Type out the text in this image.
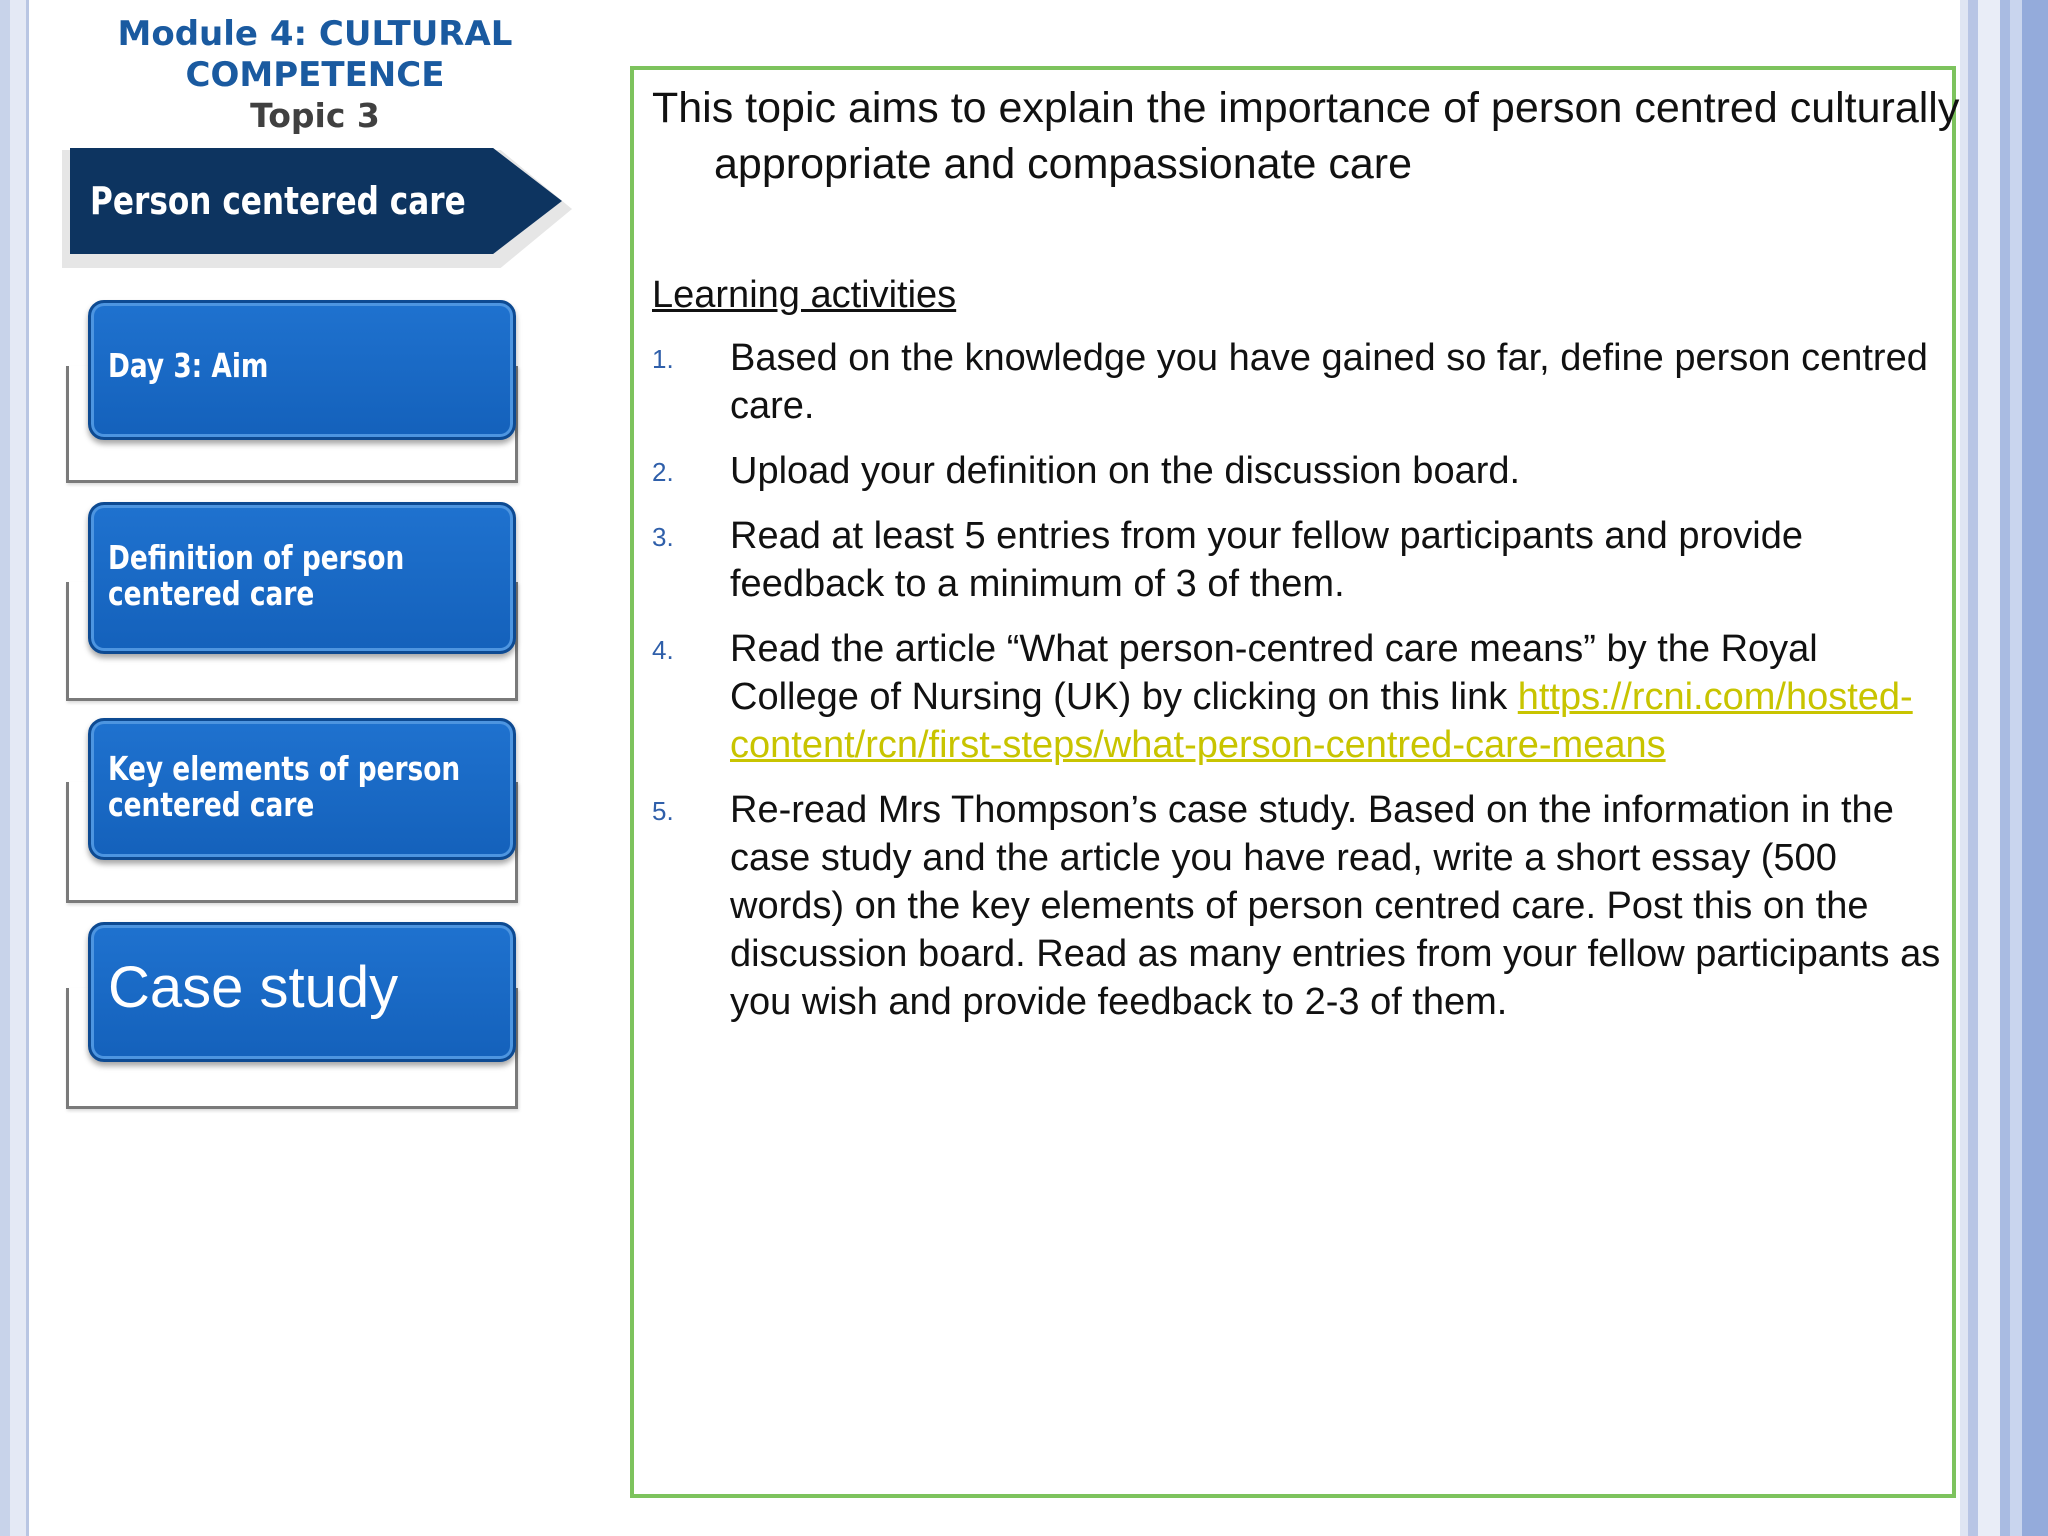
Module 4: CULTURAL COMPETENCE
Topic 3
Person centered care
Day 3: Aim
Definition of person
centered care
Key elements of person
centered care
Case study
This topic aims to explain the importance of person centred culturally appropriate and compassionate care
Learning activities
1. Based on the knowledge you have gained so far, define person centred care.
2. Upload your definition on the discussion board.
3. Read at least 5 entries from your fellow participants and provide feedback to a minimum of 3 of them.
4. Read the article “What person-centred care means” by the Royal College of Nursing (UK) by clicking on this link https://rcni.com/hosted-content/rcn/first-steps/what-person-centred-care-means
5. Re-read Mrs Thompson’s case study. Based on the information in the case study and the article you have read, write a short essay (500 words) on the key elements of person centred care. Post this on the discussion board. Read as many entries from your fellow participants as you wish and provide feedback to 2-3 of them.
